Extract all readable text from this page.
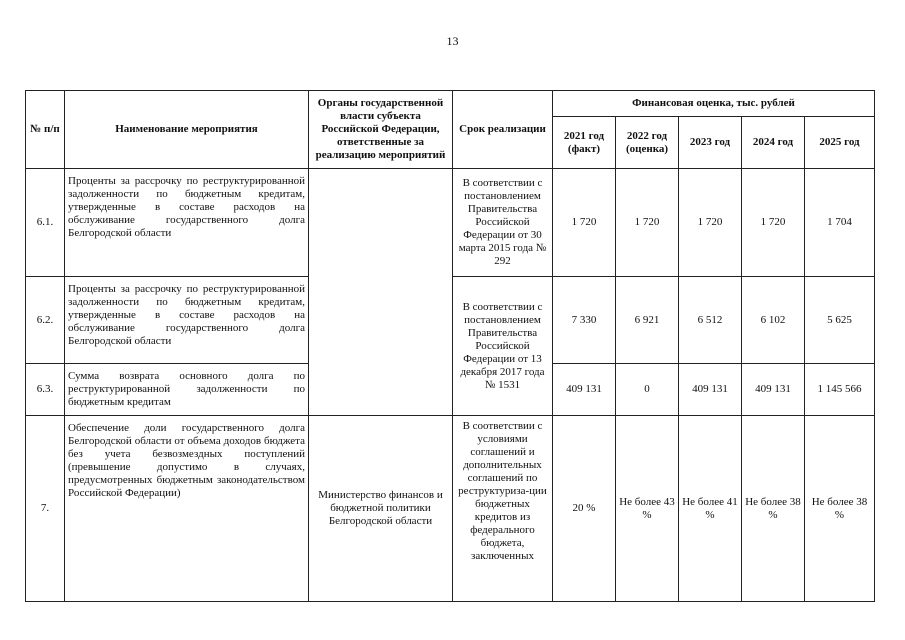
13
№ п/п	Наименование мероприятия	Органы государственной власти субъекта Российской Федерации, ответственные за реализацию мероприятий	Срок реализации	Финансовая оценка, тыс. рублей				
				2021 год (факт)	2022 год (оценка)	2023 год	2024 год	2025 год
6.1.	Проценты за рассрочку по реструктурированной задолженности по бюджетным кредитам, утвержденные в составе расходов на обслуживание государственного долга Белгородской области		В соответствии с постановлением Правительства Российской Федерации от 30 марта 2015 года № 292	1 720	1 720	1 720	1 720	1 704
6.2.	Проценты за рассрочку по реструктурированной задолженности по бюджетным кредитам, утвержденные в составе расходов на обслуживание государственного долга Белгородской области		В соответствии с постановлением Правительства Российской Федерации от 13 декабря 2017 года № 1531	7 330	6 921	6 512	6 102	5 625
6.3.	Сумма возврата основного долга по реструктурированной задолженности по бюджетным кредитам			409 131	0	409 131	409 131	1 145 566
7.	Обеспечение доли государственного долга Белгородской области от объема доходов бюджета без учета безвозмездных поступлений (превышение допустимо в случаях, предусмотренных бюджетным законодательством Российской Федерации)	Министерство финансов и бюджетной политики Белгородской области	В соответствии с условиями соглашений и дополнительных соглашений по реструктуриза-ции бюджетных кредитов из федерального бюджета, заключенных	20 %	Не более 43 %	Не более 41 %	Не более 38 %	Не более 38 %
